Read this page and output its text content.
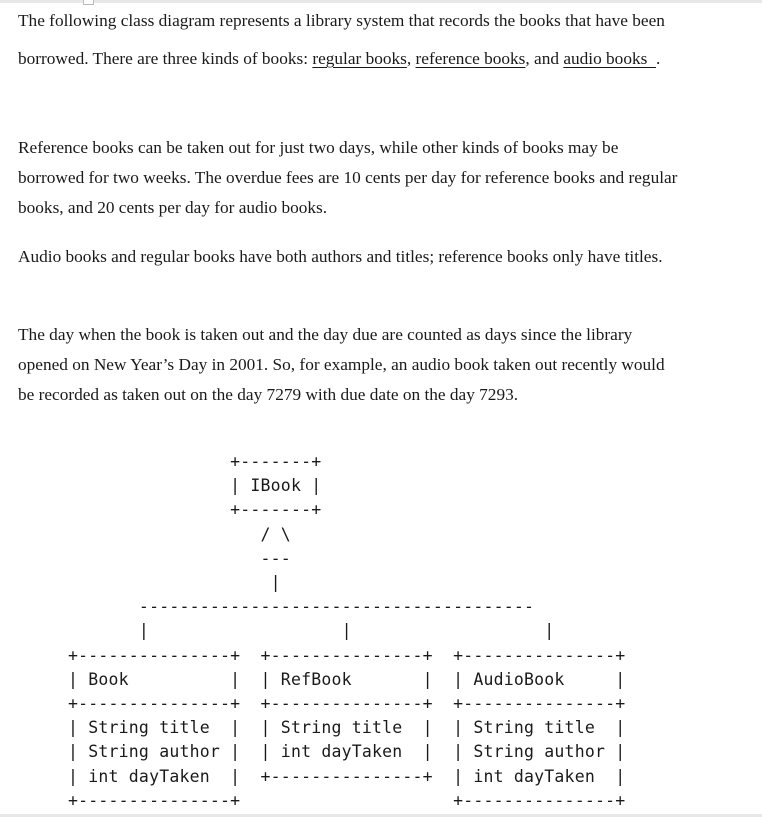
The following class diagram represents a library system that records the books that have been borrowed. There are three kinds of books: regular books, reference books, and audio books  .

Reference books can be taken out for just two days, while other kinds of books may be borrowed for two weeks. The overdue fees are 10 cents per day for reference books and regular books, and 20 cents per day for audio books.

Audio books and regular books have both authors and titles; reference books only have titles.

The day when the book is taken out and the day due are counted as days since the library opened on New Year’s Day in 2001. So, for example, an audio book taken out recently would be recorded as taken out on the day 7279 with due date on the day 7293.

+-------+
| IBook |
+-------+
/ \
---
|
---------------------------------------
|                   |                   |
+---------------+  +---------------+  +---------------+
| Book          |  | RefBook       |  | AudioBook     |
+---------------+  +---------------+  +---------------+
| String title  |  | String title  |  | String title  |
| String author |  | int dayTaken  |  | String author |
| int dayTaken  |  +---------------+  | int dayTaken  |
+---------------+                     +---------------+
